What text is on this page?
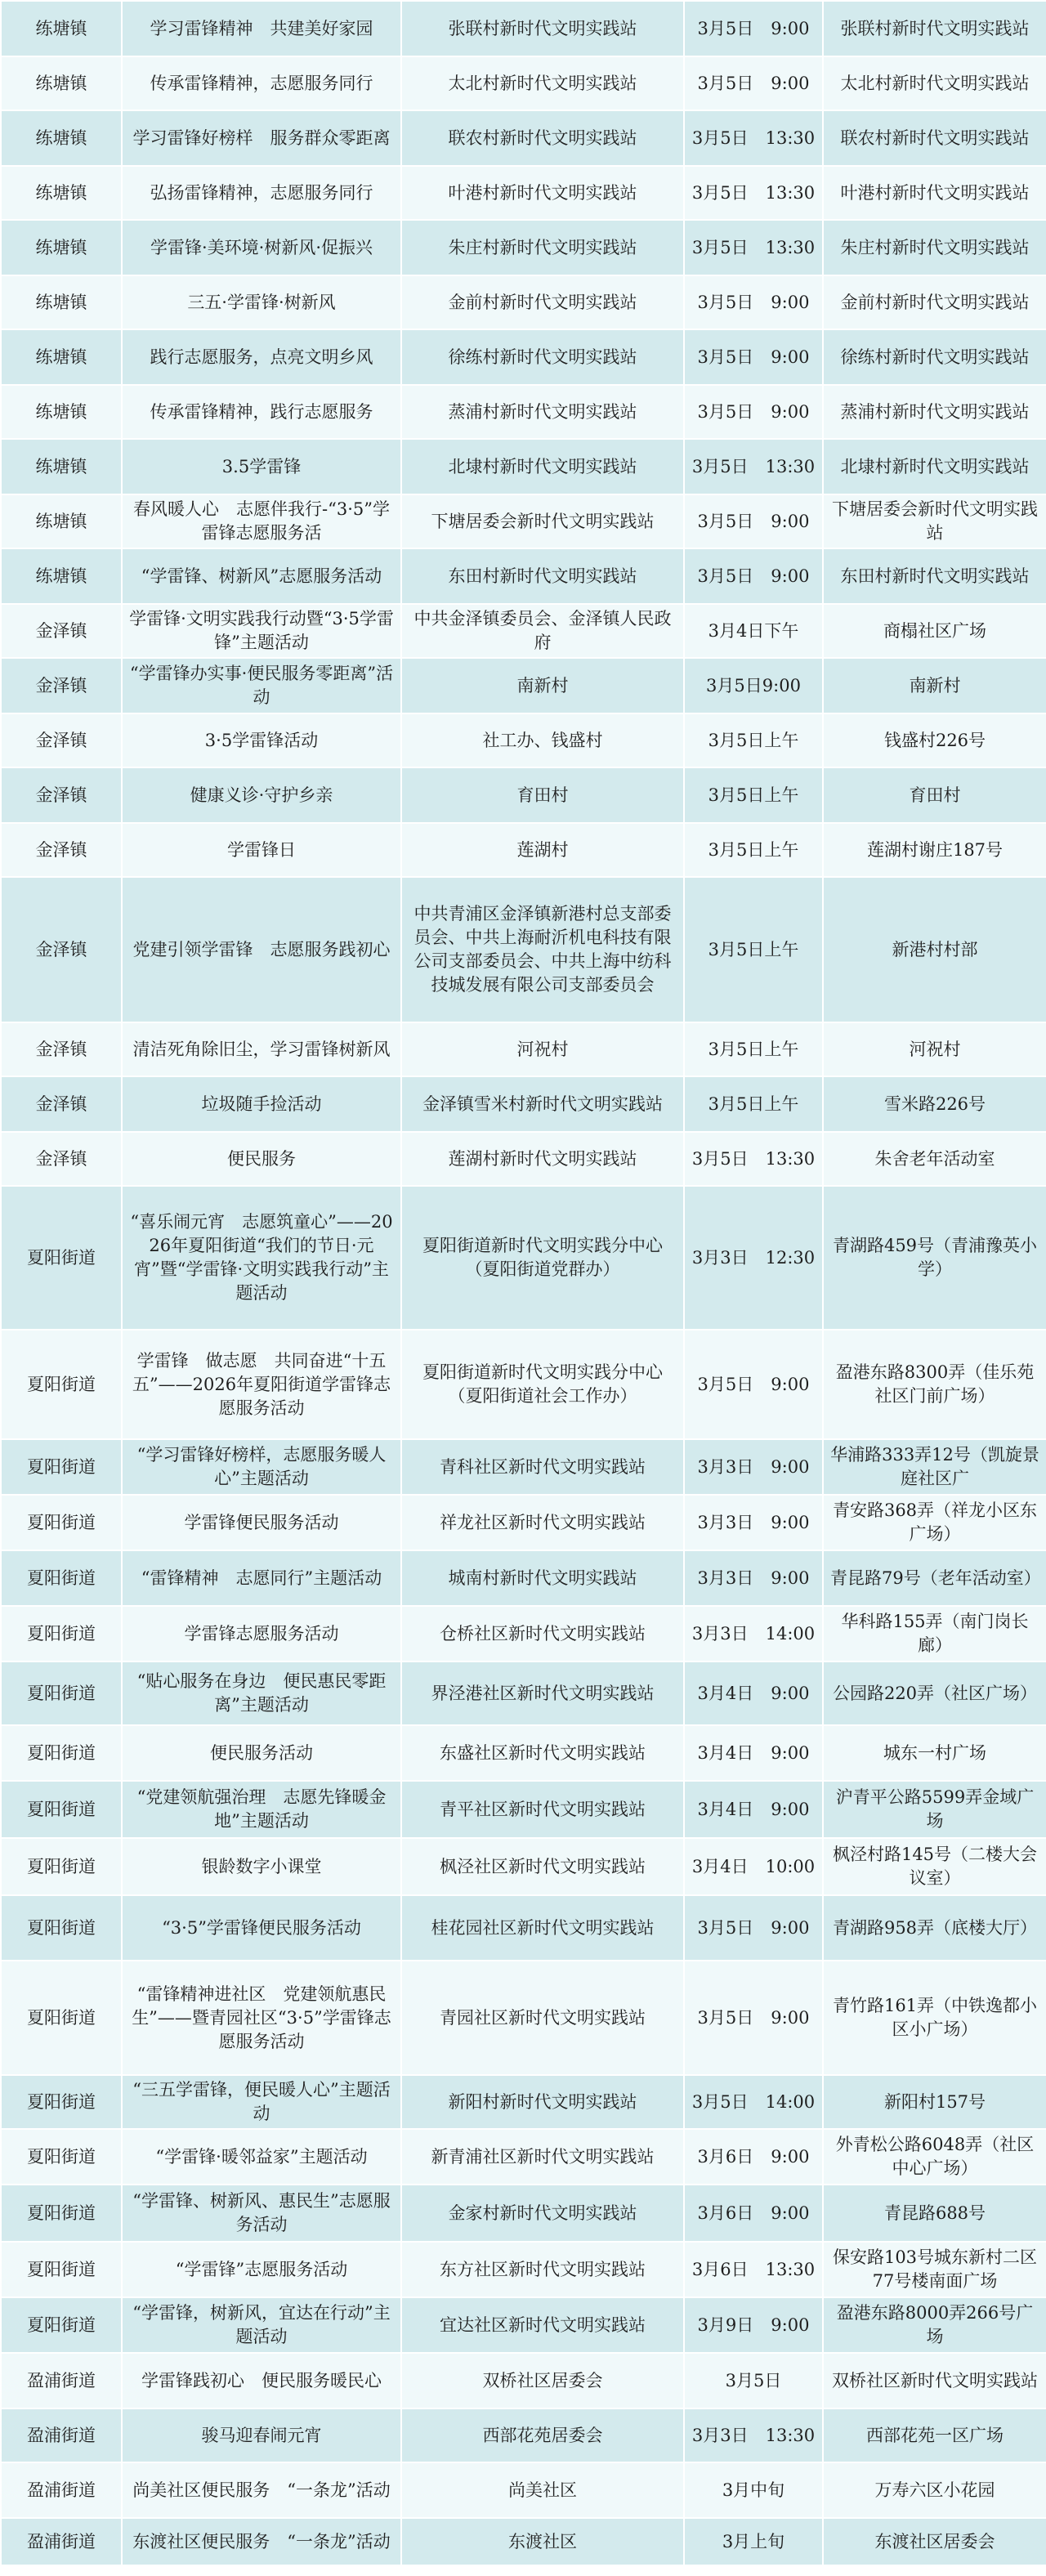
练塘镇	学习雷锋精神　共建美好家园	张联村新时代文明实践站	3月5日　9:00	张联村新时代文明实践站
练塘镇	传承雷锋精神，志愿服务同行	太北村新时代文明实践站	3月5日　9:00	太北村新时代文明实践站
练塘镇	学习雷锋好榜样　服务群众零距离	联农村新时代文明实践站	3月5日　13:30	联农村新时代文明实践站
练塘镇	弘扬雷锋精神，志愿服务同行	叶港村新时代文明实践站	3月5日　13:30	叶港村新时代文明实践站
练塘镇	学雷锋·美环境·树新风·促振兴	朱庄村新时代文明实践站	3月5日　13:30	朱庄村新时代文明实践站
练塘镇	三五·学雷锋·树新风	金前村新时代文明实践站	3月5日　9:00	金前村新时代文明实践站
练塘镇	践行志愿服务，点亮文明乡风	徐练村新时代文明实践站	3月5日　9:00	徐练村新时代文明实践站
练塘镇	传承雷锋精神，践行志愿服务	蒸浦村新时代文明实践站	3月5日　9:00	蒸浦村新时代文明实践站
练塘镇	3.5学雷锋	北埭村新时代文明实践站	3月5日　13:30	北埭村新时代文明实践站
练塘镇	春风暖人心　志愿伴我行-“3·5”学雷锋志愿服务活	下塘居委会新时代文明实践站	3月5日　9:00	下塘居委会新时代文明实践站
练塘镇	“学雷锋、树新风”志愿服务活动	东田村新时代文明实践站	3月5日　9:00	东田村新时代文明实践站
金泽镇	学雷锋·文明实践我行动暨“3·5学雷锋”主题活动	中共金泽镇委员会、金泽镇人民政府	3月4日下午	商榻社区广场
金泽镇	“学雷锋办实事·便民服务零距离”活动	南新村	3月5日9:00	南新村
金泽镇	3·5学雷锋活动	社工办、钱盛村	3月5日上午	钱盛村226号
金泽镇	健康义诊·守护乡亲	育田村	3月5日上午	育田村
金泽镇	学雷锋日	莲湖村	3月5日上午	莲湖村谢庄187号
金泽镇	党建引领学雷锋　志愿服务践初心	中共青浦区金泽镇新港村总支部委员会、中共上海耐沂机电科技有限公司支部委员会、中共上海中纺科技城发展有限公司支部委员会	3月5日上午	新港村村部
金泽镇	清洁死角除旧尘，学习雷锋树新风	河祝村	3月5日上午	河祝村
金泽镇	垃圾随手捡活动	金泽镇雪米村新时代文明实践站	3月5日上午	雪米路226号
金泽镇	便民服务	莲湖村新时代文明实践站	3月5日　13:30	朱舍老年活动室
夏阳街道	“喜乐闹元宵　志愿筑童心”——2026年夏阳街道“我们的节日·元宵”暨“学雷锋·文明实践我行动”主题活动	夏阳街道新时代文明实践分中心（夏阳街道党群办）	3月3日　12:30	青湖路459号（青浦豫英小学）
夏阳街道	学雷锋　做志愿　共同奋进“十五五”——2026年夏阳街道学雷锋志愿服务活动	夏阳街道新时代文明实践分中心（夏阳街道社会工作办）	3月5日　9:00	盈港东路8300弄（佳乐苑社区门前广场）
夏阳街道	“学习雷锋好榜样，志愿服务暖人心”主题活动	青科社区新时代文明实践站	3月3日　9:00	华浦路333弄12号（凯旋景庭社区广
夏阳街道	学雷锋便民服务活动	祥龙社区新时代文明实践站	3月3日　9:00	青安路368弄（祥龙小区东广场）
夏阳街道	“雷锋精神　志愿同行”主题活动	城南村新时代文明实践站	3月3日　9:00	青昆路79号（老年活动室）
夏阳街道	学雷锋志愿服务活动	仓桥社区新时代文明实践站	3月3日　14:00	华科路155弄（南门岗长廊）
夏阳街道	“贴心服务在身边　便民惠民零距离”主题活动	界泾港社区新时代文明实践站	3月4日　9:00	公园路220弄（社区广场）
夏阳街道	便民服务活动	东盛社区新时代文明实践站	3月4日　9:00	城东一村广场
夏阳街道	“党建领航强治理　志愿先锋暖金地”主题活动	青平社区新时代文明实践站	3月4日　9:00	沪青平公路5599弄金域广场
夏阳街道	银龄数字小课堂	枫泾社区新时代文明实践站	3月4日　10:00	枫泾村路145号（二楼大会议室）
夏阳街道	“3·5”学雷锋便民服务活动	桂花园社区新时代文明实践站	3月5日　9:00	青湖路958弄（底楼大厅）
夏阳街道	“雷锋精神进社区　党建领航惠民生”——暨青园社区“3·5”学雷锋志愿服务活动	青园社区新时代文明实践站	3月5日　9:00	青竹路161弄（中铁逸都小区小广场）
夏阳街道	“三五学雷锋，便民暖人心”主题活动	新阳村新时代文明实践站	3月5日　14:00	新阳村157号
夏阳街道	“学雷锋·暖邻益家”主题活动	新青浦社区新时代文明实践站	3月6日　9:00	外青松公路6048弄（社区中心广场）
夏阳街道	“学雷锋、树新风、惠民生”志愿服务活动	金家村新时代文明实践站	3月6日　9:00	青昆路688号
夏阳街道	“学雷锋”志愿服务活动	东方社区新时代文明实践站	3月6日　13:30	保安路103号城东新村二区77号楼南面广场
夏阳街道	“学雷锋，树新风，宜达在行动”主题活动	宜达社区新时代文明实践站	3月9日　9:00	盈港东路8000弄266号广场
盈浦街道	学雷锋践初心　便民服务暖民心	双桥社区居委会	3月5日	双桥社区新时代文明实践站
盈浦街道	骏马迎春闹元宵	西部花苑居委会	3月3日　13:30	西部花苑一区广场
盈浦街道	尚美社区便民服务　“一条龙”活动	尚美社区	3月中旬	万寿六区小花园
盈浦街道	东渡社区便民服务　“一条龙”活动	东渡社区	3月上旬	东渡社区居委会
